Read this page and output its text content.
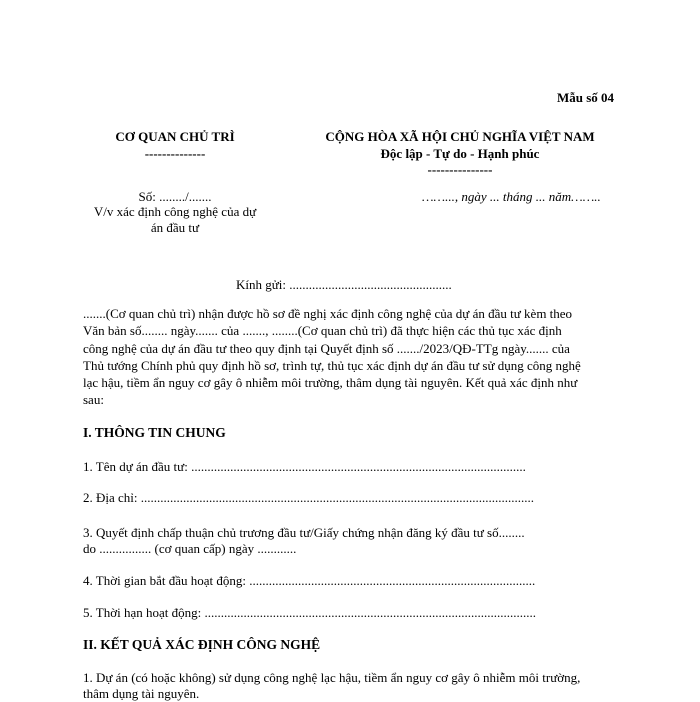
Mẫu số 04
CƠ QUAN CHỦ TRÌ
--------------
Số: ......../.......
V/v xác định công nghệ của dự
án đầu tư
CỘNG HÒA XÃ HỘI CHỦ NGHĨA VIỆT NAM
Độc lập - Tự do - Hạnh phúc
---------------
……..., ngày ... tháng ... năm……..
Kính gửi: ..................................................
.......(Cơ quan chủ trì) nhận được hồ sơ đề nghị xác định công nghệ của dự án đầu tư kèm theo
Văn bản số........ ngày....... của ......., ........(Cơ quan chủ trì) đã thực hiện các thủ tục xác định
công nghệ của dự án đầu tư theo quy định tại Quyết định số ......./2023/QĐ-TTg ngày....... của
Thủ tướng Chính phủ quy định hồ sơ, trình tự, thủ tục xác định dự án đầu tư sử dụng công nghệ
lạc hậu, tiềm ẩn nguy cơ gây ô nhiễm môi trường, thâm dụng tài nguyên. Kết quả xác định như
sau:
I. THÔNG TIN CHUNG
1. Tên dự án đầu tư: .......................................................................................................
2. Địa chỉ: .........................................................................................................................
3. Quyết định chấp thuận chủ trương đầu tư/Giấy chứng nhận đăng ký đầu tư số........
do ................ (cơ quan cấp) ngày ............
4. Thời gian bắt đầu hoạt động: ........................................................................................
5. Thời hạn hoạt động: ......................................................................................................
II. KẾT QUẢ XÁC ĐỊNH CÔNG NGHỆ
1. Dự án (có hoặc không) sử dụng công nghệ lạc hậu, tiềm ẩn nguy cơ gây ô nhiễm môi trường,
thâm dụng tài nguyên.
